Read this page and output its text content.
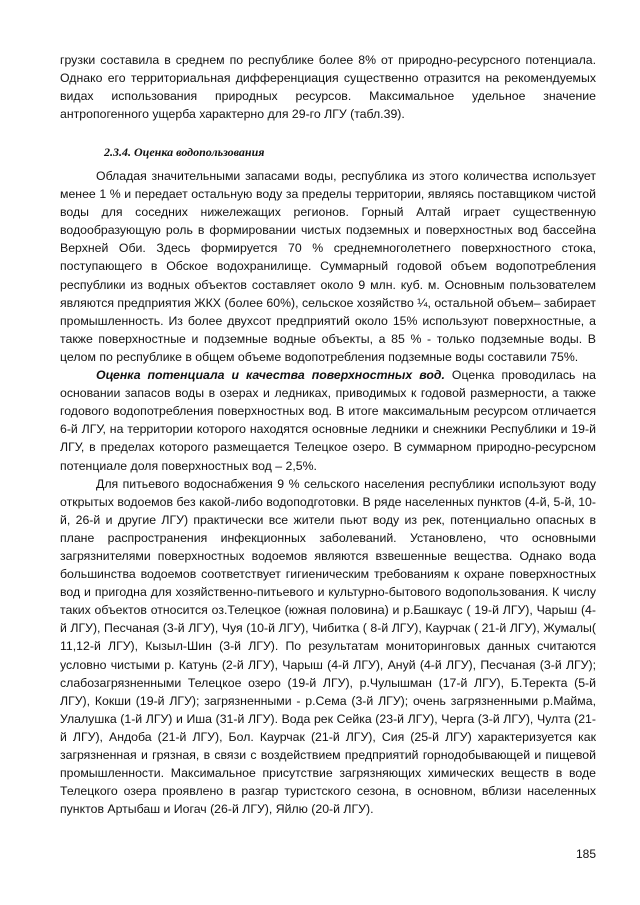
грузки составила в среднем по республике более 8% от природно-ресурсного потенциала. Однако его территориальная дифференциация существенно отразится на рекомендуемых видах использования природных ресурсов. Максимальное удельное значение антропогенного ущерба характерно для 29-го ЛГУ (табл.39).

2.3.4. Оценка водопользования

Обладая значительными запасами воды, республика из этого количества использует менее 1 % и передает остальную воду за пределы территории, являясь поставщиком чистой воды для соседних нижележащих регионов. Горный Алтай играет существенную водообразующую роль в формировании чистых подземных и поверхностных вод бассейна Верхней Оби. Здесь формируется 70 % среднемноголетнего поверхностного стока, поступающего в Обское водохранилище. Суммарный годовой объем водопотребления республики из водных объектов составляет около 9 млн. куб. м. Основным пользователем являются предприятия ЖКХ (более 60%), сельское хозяйство ¼, остальной объем– забирает промышленность. Из более двухсот предприятий около 15% используют поверхностные, а также поверхностные и подземные водные объекты, а 85 % - только подземные воды. В целом по республике в общем объеме водопотребления подземные воды составили 75%.

Оценка потенциала и качества поверхностных вод. Оценка проводилась на основании запасов воды в озерах и ледниках, приводимых к годовой размерности, а также годового водопотребления поверхностных вод. В итоге максимальным ресурсом отличается 6-й ЛГУ, на территории которого находятся основные ледники и снежники Республики и 19-й ЛГУ, в пределах которого размещается Телецкое озеро. В суммарном природно-ресурсном потенциале доля поверхностных вод – 2,5%.

Для питьевого водоснабжения 9 % сельского населения республики используют воду открытых водоемов без какой-либо водоподготовки. В ряде населенных пунктов (4-й, 5-й, 10-й, 26-й и другие ЛГУ) практически все жители пьют воду из рек, потенциально опасных в плане распространения инфекционных заболеваний. Установлено, что основными загрязнителями поверхностных водоемов являются взвешенные вещества. Однако вода большинства водоемов соответствует гигиеническим требованиям к охране поверхностных вод и пригодна для хозяйственно-питьевого и культурно-бытового водопользования. К числу таких объектов относится оз.Телецкое (южная половина) и р.Башкаус ( 19-й ЛГУ), Чарыш (4-й ЛГУ), Песчаная (3-й ЛГУ), Чуя (10-й ЛГУ), Чибитка ( 8-й ЛГУ), Каурчак ( 21-й ЛГУ), Жумалы( 11,12-й ЛГУ), Кызыл-Шин (3-й ЛГУ). По результатам мониторинговых данных считаются условно чистыми р. Катунь (2-й ЛГУ), Чарыш (4-й ЛГУ), Ануй (4-й ЛГУ), Песчаная (3-й ЛГУ); слабозагрязненными Телецкое озеро (19-й ЛГУ), р.Чулышман (17-й ЛГУ), Б.Теректа (5-й ЛГУ), Кокши (19-й ЛГУ); загрязненными - р.Сема (3-й ЛГУ); очень загрязненными р.Майма, Улалушка (1-й ЛГУ) и Иша (31-й ЛГУ). Вода рек Сейка (23-й ЛГУ), Черга (3-й ЛГУ), Чулта (21-й ЛГУ), Андоба (21-й ЛГУ), Бол. Каурчак (21-й ЛГУ), Сия (25-й ЛГУ) характеризуется как загрязненная и грязная, в связи с воздействием предприятий горнодобывающей и пищевой промышленности. Максимальное присутствие загрязняющих химических веществ в воде Телецкого озера проявлено в разгар туристского сезона, в основном, вблизи населенных пунктов Артыбаш и Иогач (26-й ЛГУ), Яйлю (20-й ЛГУ).

185
